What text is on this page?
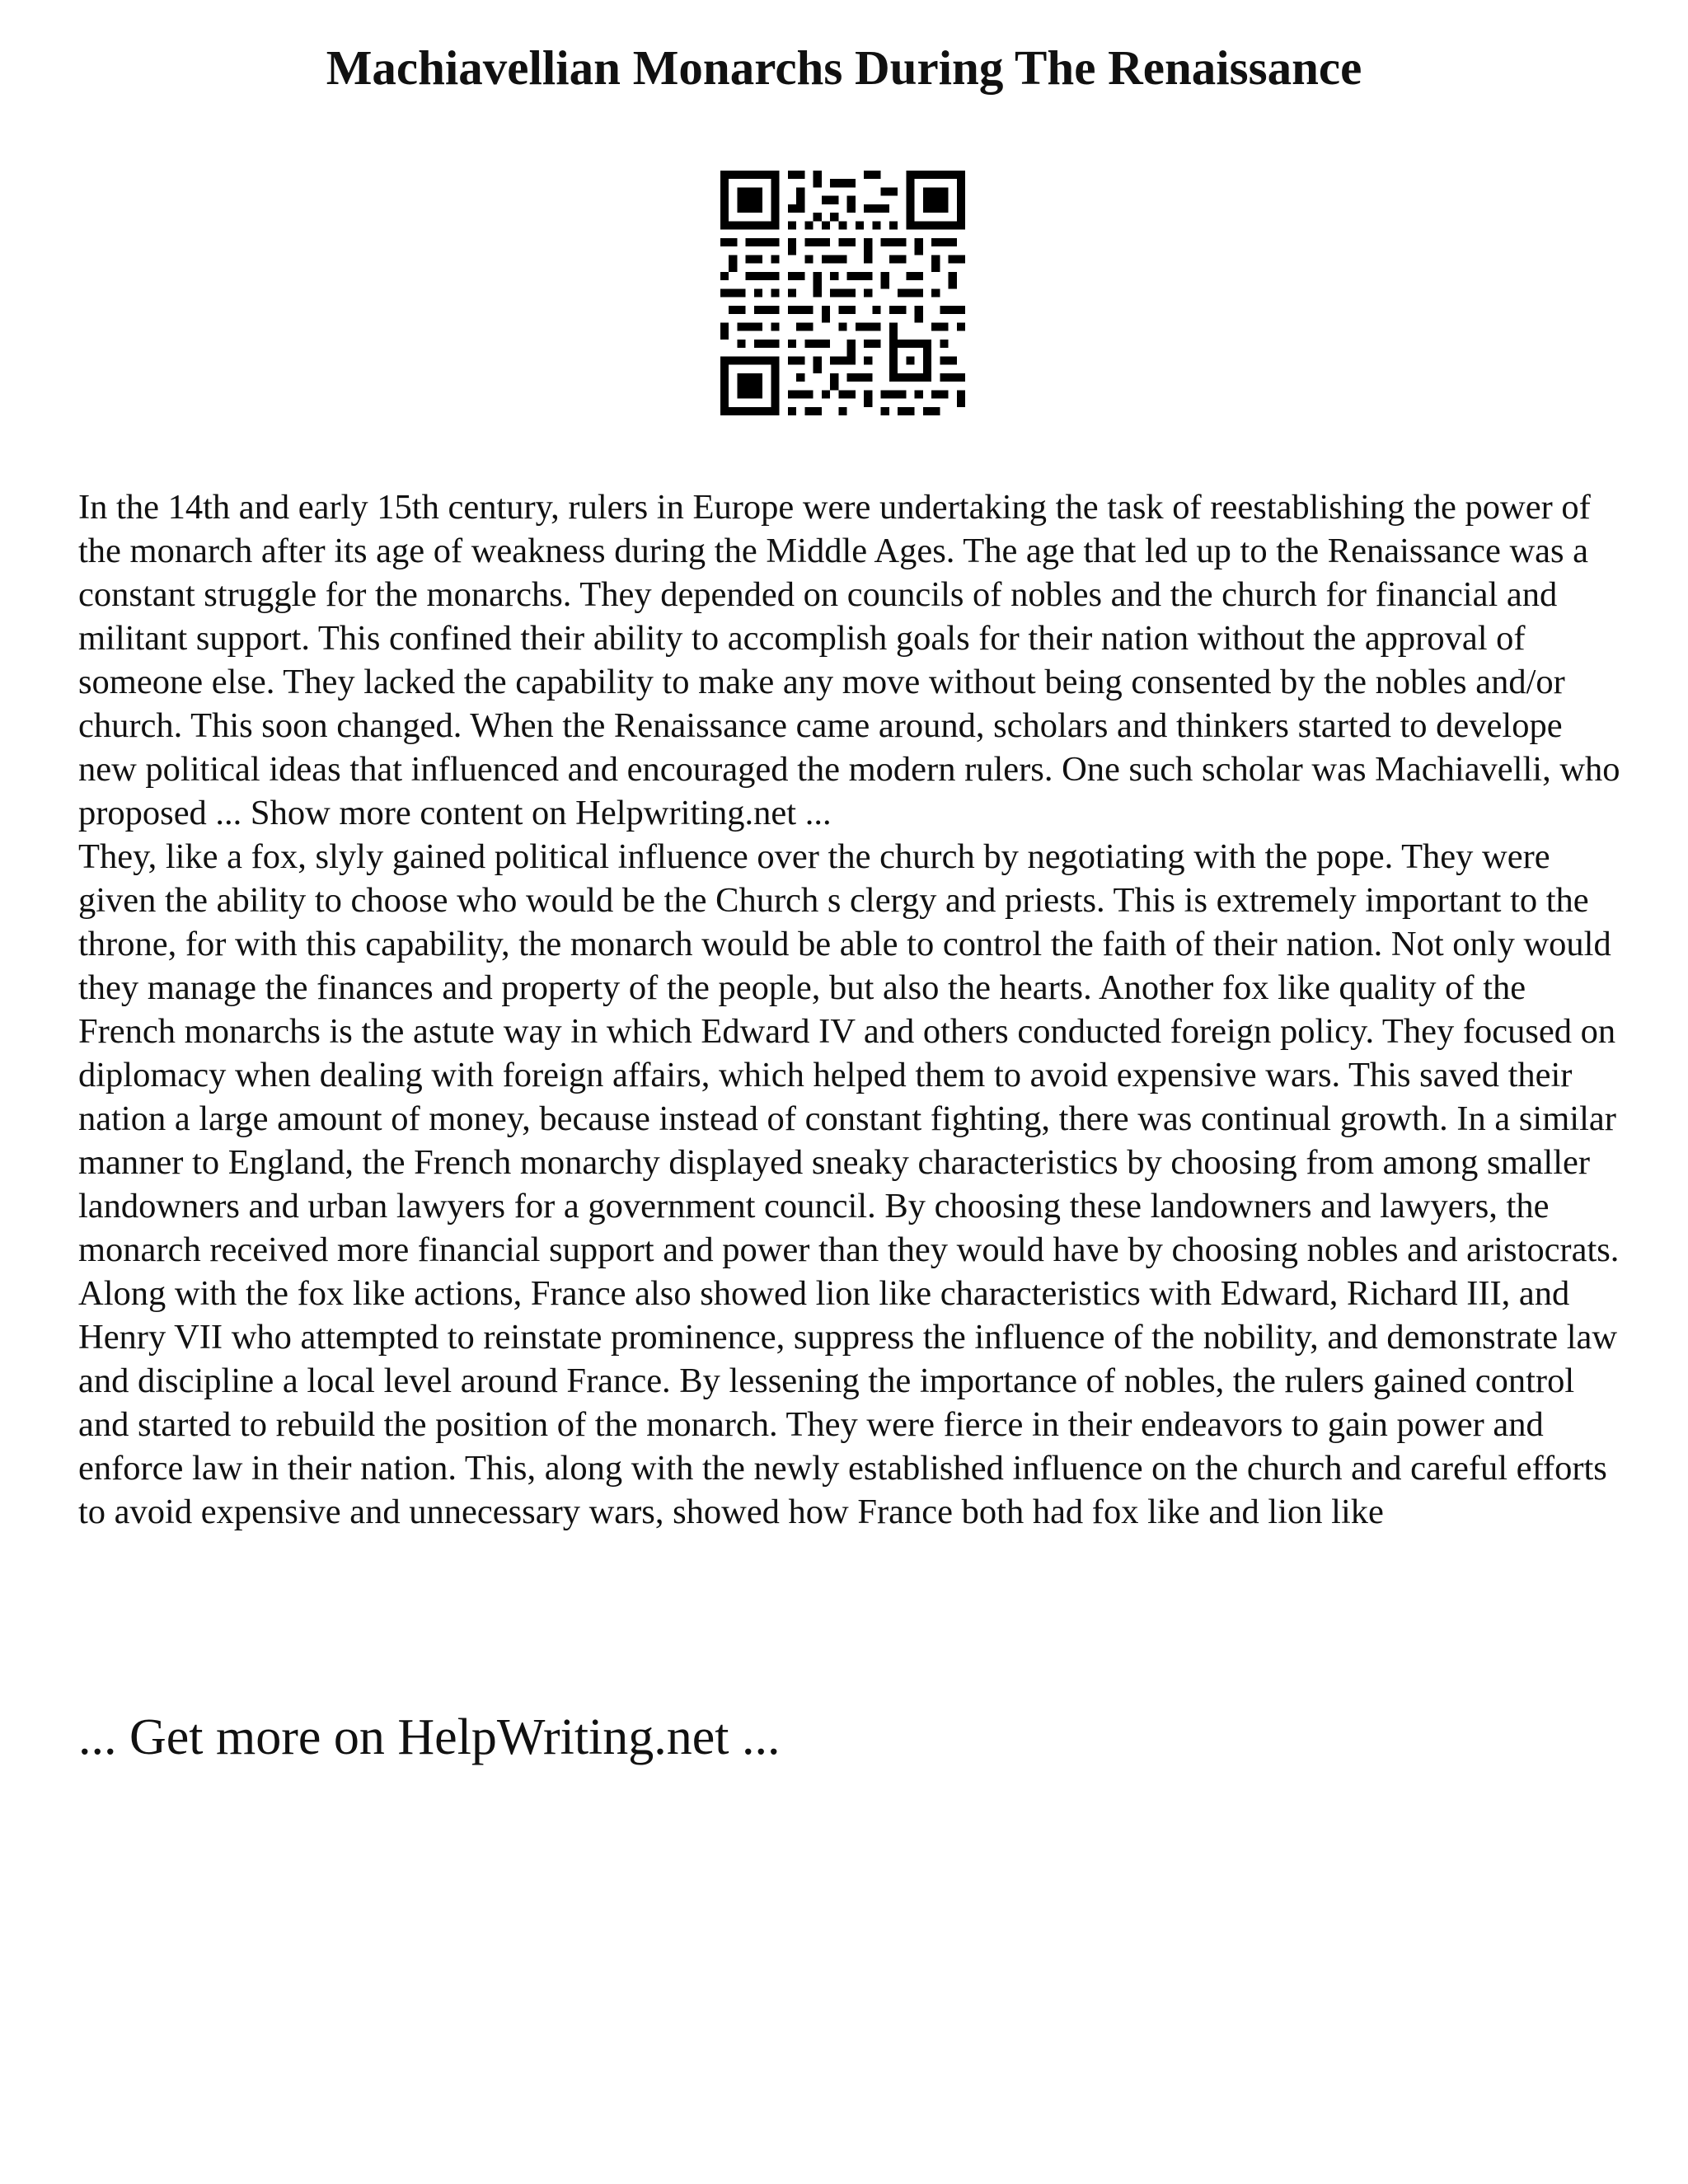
Machiavellian Monarchs During The Renaissance

In the 14th and early 15th century, rulers in Europe were undertaking the task of reestablishing the power of the monarch after its age of weakness during the Middle Ages. The age that led up to the Renaissance was a constant struggle for the monarchs. They depended on councils of nobles and the church for financial and militant support. This confined their ability to accomplish goals for their nation without the approval of someone else. They lacked the capability to make any move without being consented by the nobles and/or church. This soon changed. When the Renaissance came around, scholars and thinkers started to develope new political ideas that influenced and encouraged the modern rulers. One such scholar was Machiavelli, who proposed ... Show more content on Helpwriting.net ...

They, like a fox, slyly gained political influence over the church by negotiating with the pope. They were given the ability to choose who would be the Church s clergy and priests. This is extremely important to the throne, for with this capability, the monarch would be able to control the faith of their nation. Not only would they manage the finances and property of the people, but also the hearts. Another fox like quality of the French monarchs is the astute way in which Edward IV and others conducted foreign policy. They focused on diplomacy when dealing with foreign affairs, which helped them to avoid expensive wars. This saved their nation a large amount of money, because instead of constant fighting, there was continual growth. In a similar manner to England, the French monarchy displayed sneaky characteristics by choosing from among smaller landowners and urban lawyers for a government council. By choosing these landowners and lawyers, the monarch received more financial support and power than they would have by choosing nobles and aristocrats. Along with the fox like actions, France also showed lion like characteristics with Edward, Richard III, and Henry VII who attempted to reinstate prominence, suppress the influence of the nobility, and demonstrate law and discipline a local level around France. By lessening the importance of nobles, the rulers gained control and started to rebuild the position of the monarch. They were fierce in their endeavors to gain power and enforce law in their nation. This, along with the newly established influence on the church and careful efforts to avoid expensive and unnecessary wars, showed how France both had fox like and lion like

... Get more on HelpWriting.net ...
